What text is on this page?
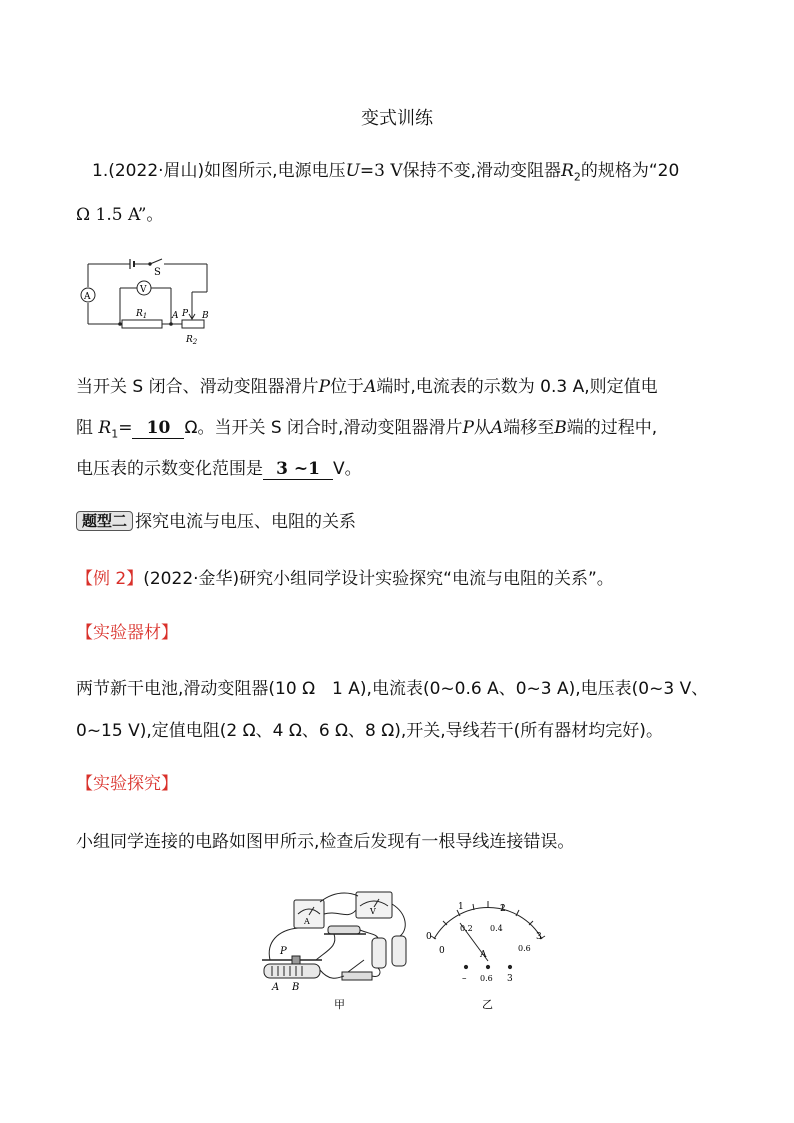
变式训练
1.(2022·眉山)如图所示,电源电压U=3 V保持不变,滑动变阻器$R_2$的规格为“20
Ω 1.5 A”。
S
A
V
$R_1$	A P B
$R_2$
当开关 S 闭合、滑动变阻器滑片P位于A端时,电流表的示数为 0.3 A,则定值电
阻 $R_1= 10$ Ω。当开关 S 闭合时,滑动变阻器滑片P从A端移至B端的过程中,
电压表的示数变化范围是 3 ~1 V。
题型二 探究电流与电压、电阻的关系
【例 2】(2022·金华)研究小组同学设计实验探究“电流与电阻的关系”。
【实验器材】
两节新干电池,滑动变阻器(10 Ω　1 A),电流表(0~0.6 A、0~3 A),电压表(0~3 V、
0~15 V),定值电阻(2 Ω、4 Ω、6 Ω、8 Ω),开关,导线若干(所有器材均完好)。
【实验探究】
小组同学连接的电路如图甲所示,检查后发现有一根导线连接错误。
P
A B
A
V
甲
0
0
1	2
3
0.2 0.4
0.6
A
– 0.6 3
乙
